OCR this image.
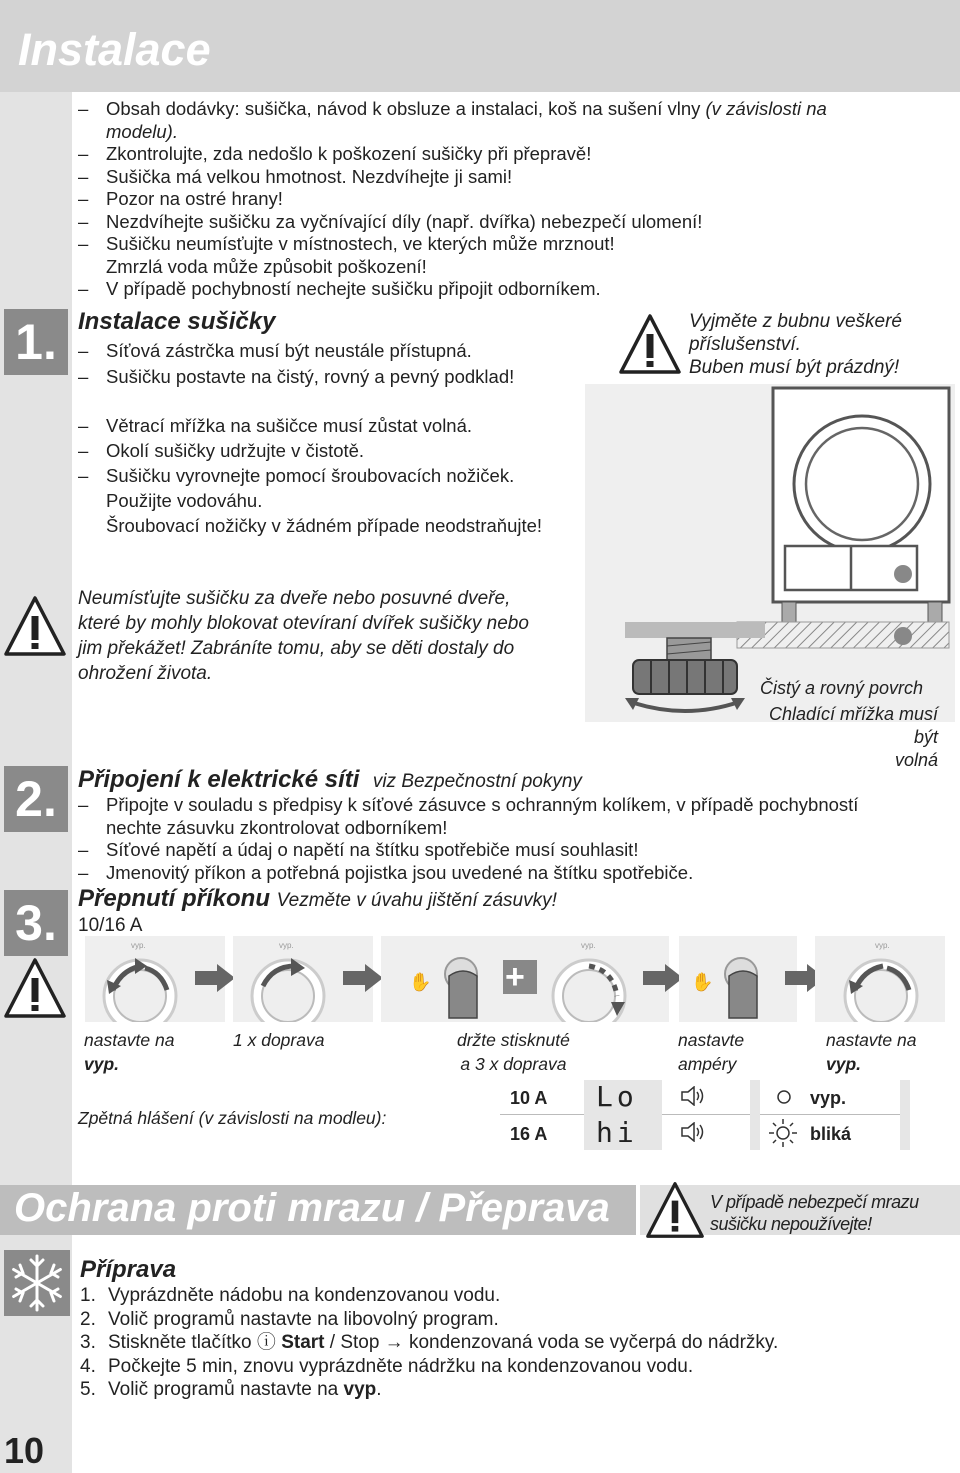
Instalace
– Obsah dodávky: sušička, návod k obsluze a instalaci, koš na sušení vlny (v závislosti na
modelu).
– Zkontrolujte, zda nedošlo k poškození sušičky při přepravě!
– Sušička má velkou hmotnost. Nezdvíhejte ji sami!
– Pozor na ostré hrany!
– Nezdvíhejte sušičku za vyčnívající díly (např. dvířka) nebezpečí ulomení!
– Sušičku neumísťujte v místnostech, ve kterých může mrznout!
Zmrzlá voda může způsobit poškození!
– V případě pochybností nechejte sušičku připojit odborníkem.
1. Instalace sušičky
– Síťová zástrčka musí být neustále přístupná.
– Sušičku postavte na čistý, rovný a pevný podklad!
Vyjměte z bubnu veškeré
příslušenství.
Buben musí být prázdný!
– Větrací mřížka na sušičce musí zůstat volná.
– Okolí sušičky udržujte v čistotě.
– Sušičku vyrovnejte pomocí šroubovacích nožiček.
Použijte vodováhu.
Šroubovací nožičky v žádném případe neodstraňujte!
Čistý a rovný povrch
Chladící mřížka musí být
volná
Neumísťujte sušičku za dveře nebo posuvné dveře,
které by mohly blokovat otevíraní dvířek sušičky nebo
jim překážet! Zabráníte tomu, aby se děti dostaly do
ohrožení života.
2. Připojení k elektrické síti viz Bezpečnostní pokyny
– Připojte v souladu s předpisy k síťové zásuvce s ochranným kolíkem, v případě pochybností
nechte zásuvku zkontrolovat odborníkem!
– Síťové napětí a údaj o napětí na štítku spotřebiče musí souhlasit!
– Jmenovitý příkon a potřebná pojistka jsou uvedené na štítku spotřebiče.
3. Přepnutí příkonu Vezměte v úvahu jištění zásuvky!
10/16 A
vyp.	vyp.
✋ +
vyp.
✋
vyp.
nastavte na
vyp.
1 x doprava	držte stisknuté
a 3 x doprava
nastavte
ampéry
nastavte na
vyp.
Zpětná hlášení (v závislosti na modleu):
10 A Lo	vyp.
16 A hi	bliká
Ochrana proti mrazu / Přeprava	V případě nebezpečí mrazu
sušičku nepoužívejte!
Příprava
1. Vyprázdněte nádobu na kondenzovanou vodu.
2. Volič programů nastavte na libovolný program.
3. Stiskněte tlačítko ⓘ Start / Stop → kondenzovaná voda se vyčerpá do nádržky.
4. Počkejte 5 min, znovu vyprázdněte nádržku na kondenzovanou vodu.
5. Volič programů nastavte na vyp.
10
